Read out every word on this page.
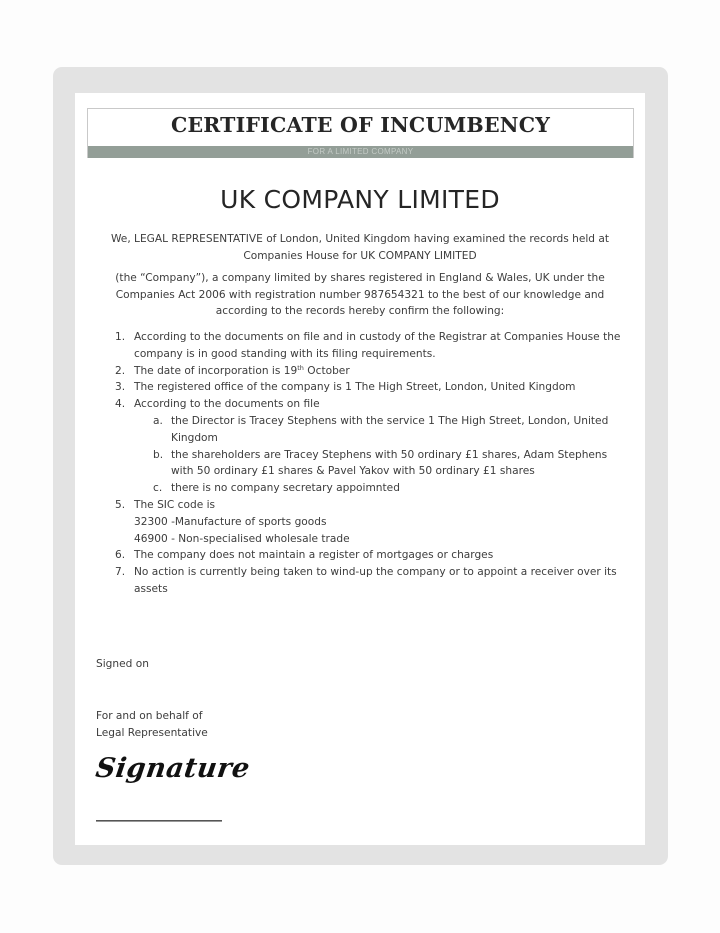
CERTIFICATE OF INCUMBENCY
FOR A LIMITED COMPANY
UK COMPANY LIMITED
We, LEGAL REPRESENTATIVE of London, United Kingdom having examined the records held at Companies House for UK COMPANY LIMITED
(the “Company”), a company limited by shares registered in England & Wales, UK under the Companies Act 2006 with registration number 987654321 to the best of our knowledge and according to the records hereby confirm the following:
1. According to the documents on file and in custody of the Registrar at Companies House the company is in good standing with its filing requirements.
2. The date of incorporation is 19th October
3. The registered office of the company is 1 The High Street, London, United Kingdom
4. According to the documents on file
a. the Director is Tracey Stephens with the service 1 The High Street, London, United Kingdom
b. the shareholders are Tracey Stephens with 50 ordinary £1 shares, Adam Stephens with 50 ordinary £1 shares & Pavel Yakov with 50 ordinary £1 shares
c. there is no company secretary appoimnted
5. The SIC code is
32300 -Manufacture of sports goods
46900 - Non-specialised wholesale trade
6. The company does not maintain a register of mortgages or charges
7. No action is currently being taken to wind-up the company or to appoint a receiver over its assets
Signed on
For and on behalf of
Legal Representative
Signature
